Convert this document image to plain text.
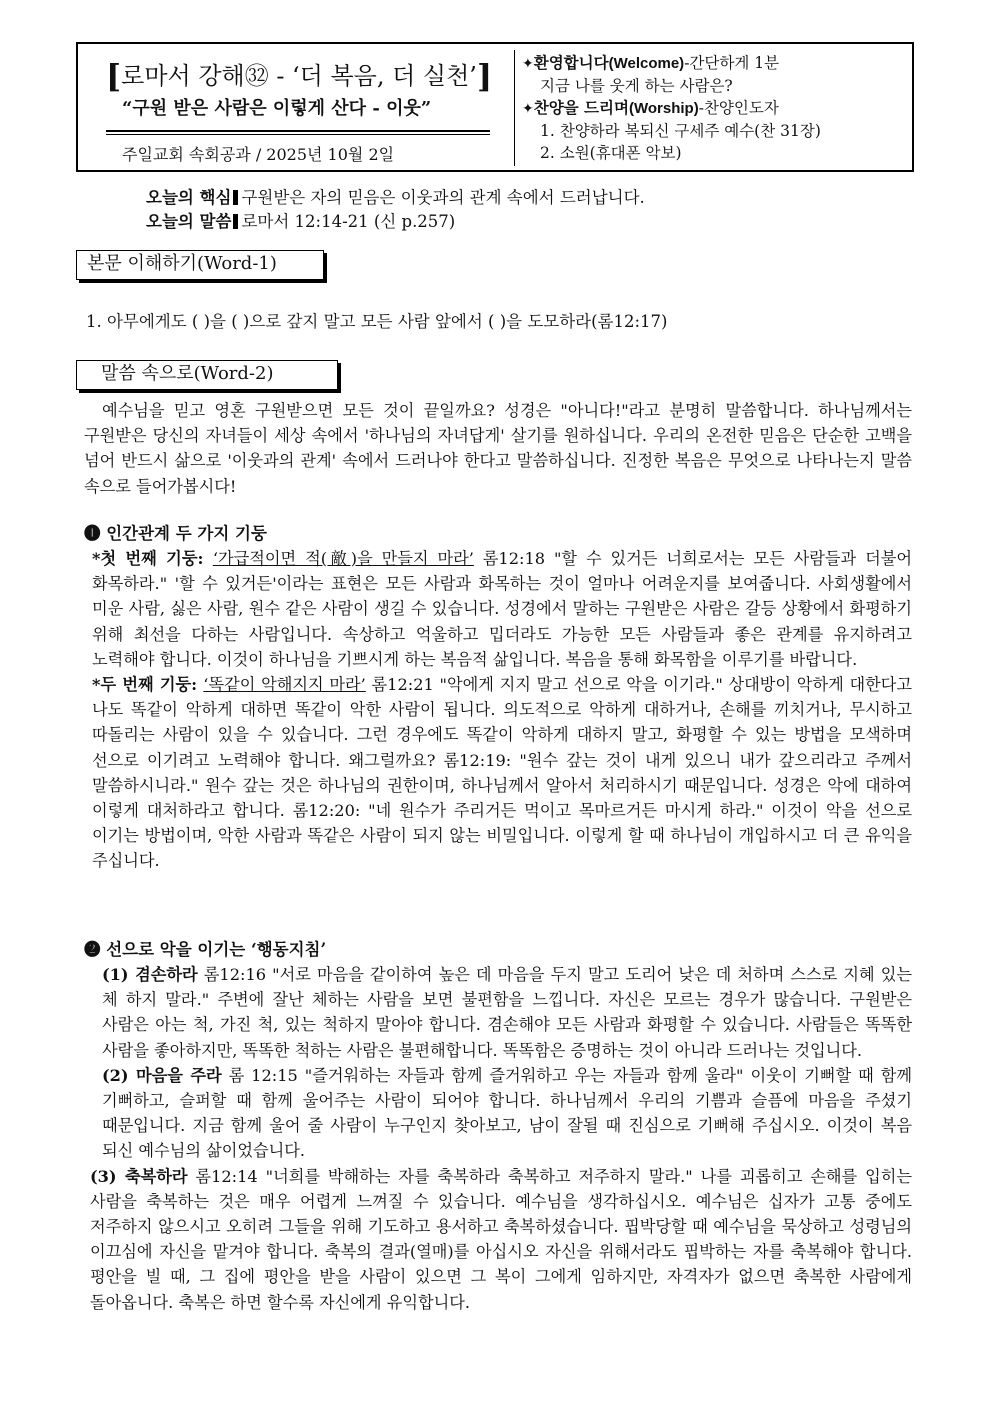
[로마서 강해㉜ - ‘더 복음, 더 실천’]
“구원 받은 사람은 이렇게 산다 - 이웃”
주일교회 속회공과 / 2025년 10월 2일
✦환영합니다(Welcome)-간단하게 1분
지금 나를 웃게 하는 사람은?
✦찬양을 드리며(Worship)-찬양인도자
1. 찬양하라 복되신 구세주 예수(찬 31장)
2. 소원(휴대폰 악보)
오늘의 핵심 구원받은 자의 믿음은 이웃과의 관계 속에서 드러납니다.
오늘의 말씀 로마서 12:14-21 (신 p.257)
본문 이해하기(Word-1)
1. 아무에게도 ( )을 ( )으로 갚지 말고 모든 사람 앞에서 ( )을 도모하라(롬12:17)
말씀 속으로(Word-2)
예수님을 믿고 영혼 구원받으면 모든 것이 끝일까요? 성경은 "아니다!"라고 분명히 말씀합니다. 하나님께서는 구원받은 당신의 자녀들이 세상 속에서 '하나님의 자녀답게' 살기를 원하십니다. 우리의 온전한 믿음은 단순한 고백을 넘어 반드시 삶으로 '이웃과의 관계' 속에서 드러나야 한다고 말씀하십니다. 진정한 복음은 무엇으로 나타나는지 말씀 속으로 들어가봅시다!
❶ 인간관계 두 가지 기둥

*첫 번째 기둥: ‘가급적이면 적(敵)을 만들지 마라’ 롬12:18 "할 수 있거든 너희로서는 모든 사람들과 더불어 화목하라." '할 수 있거든'이라는 표현은 모든 사람과 화목하는 것이 얼마나 어려운지를 보여줍니다. 사회생활에서 미운 사람, 싫은 사람, 원수 같은 사람이 생길 수 있습니다. 성경에서 말하는 구원받은 사람은 갈등 상황에서 화평하기 위해 최선을 다하는 사람입니다. 속상하고 억울하고 밉더라도 가능한 모든 사람들과 좋은 관계를 유지하려고 노력해야 합니다. 이것이 하나님을 기쁘시게 하는 복음적 삶입니다. 복음을 통해 화목함을 이루기를 바랍니다.

*두 번째 기둥: ‘똑같이 악해지지 마라’ 롬12:21 "악에게 지지 말고 선으로 악을 이기라." 상대방이 악하게 대한다고 나도 똑같이 악하게 대하면 똑같이 악한 사람이 됩니다. 의도적으로 악하게 대하거나, 손해를 끼치거나, 무시하고 따돌리는 사람이 있을 수 있습니다. 그런 경우에도 똑같이 악하게 대하지 말고, 화평할 수 있는 방법을 모색하며 선으로 이기려고 노력해야 합니다. 왜그럴까요? 롬12:19: "원수 갚는 것이 내게 있으니 내가 갚으리라고 주께서 말씀하시니라." 원수 갚는 것은 하나님의 권한이며, 하나님께서 알아서 처리하시기 때문입니다. 성경은 악에 대하여 이렇게 대처하라고 합니다. 롬12:20: "네 원수가 주리거든 먹이고 목마르거든 마시게 하라." 이것이 악을 선으로 이기는 방법이며, 악한 사람과 똑같은 사람이 되지 않는 비밀입니다. 이렇게 할 때 하나님이 개입하시고 더 큰 유익을 주십니다.

❷ 선으로 악을 이기는 ‘행동지침’

(1) 겸손하라 롬12:16 "서로 마음을 같이하여 높은 데 마음을 두지 말고 도리어 낮은 데 처하며 스스로 지혜 있는 체 하지 말라." 주변에 잘난 체하는 사람을 보면 불편함을 느낍니다. 자신은 모르는 경우가 많습니다. 구원받은 사람은 아는 척, 가진 척, 있는 척하지 말아야 합니다. 겸손해야 모든 사람과 화평할 수 있습니다. 사람들은 똑똑한 사람을 좋아하지만, 똑똑한 척하는 사람은 불편해합니다. 똑똑함은 증명하는 것이 아니라 드러나는 것입니다.

(2) 마음을 주라 롬 12:15 "즐거워하는 자들과 함께 즐거워하고 우는 자들과 함께 울라" 이웃이 기뻐할 때 함께 기뻐하고, 슬퍼할 때 함께 울어주는 사람이 되어야 합니다. 하나님께서 우리의 기쁨과 슬픔에 마음을 주셨기 때문입니다. 지금 함께 울어 줄 사람이 누구인지 찾아보고, 남이 잘될 때 진심으로 기뻐해 주십시오. 이것이 복음 되신 예수님의 삶이었습니다.

(3) 축복하라 롬12:14 "너희를 박해하는 자를 축복하라 축복하고 저주하지 말라." 나를 괴롭히고 손해를 입히는 사람을 축복하는 것은 매우 어렵게 느껴질 수 있습니다. 예수님을 생각하십시오. 예수님은 십자가 고통 중에도 저주하지 않으시고 오히려 그들을 위해 기도하고 용서하고 축복하셨습니다. 핍박당할 때 예수님을 묵상하고 성령님의 이끄심에 자신을 맡겨야 합니다. 축복의 결과(열매)를 아십시오 자신을 위해서라도 핍박하는 자를 축복해야 합니다. 평안을 빌 때, 그 집에 평안을 받을 사람이 있으면 그 복이 그에게 임하지만, 자격자가 없으면 축복한 사람에게 돌아옵니다. 축복은 하면 할수록 자신에게 유익합니다.
